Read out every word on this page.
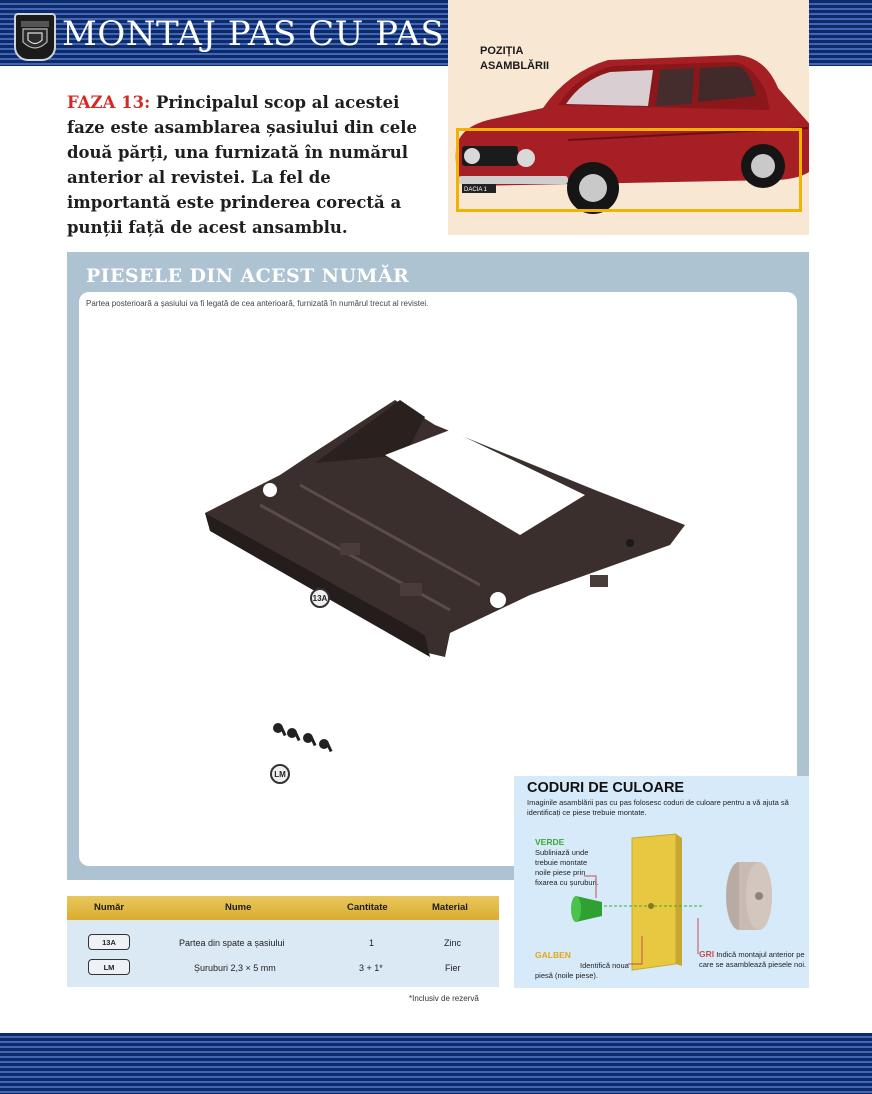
MONTAJ PAS CU PAS
DACIA 1
POZIȚIA
ASAMBLĂRII
FAZA 13: Principalul scop al acestei faze este asamblarea șasiului din cele două părți, una furnizată în numărul anterior al revistei. La fel de importantă este prinderea corectă a punții față de acest ansamblu.
PIESELE DIN ACEST NUMĂR
Partea posterioară a șasiului va fi legată de cea anterioară, furnizată în numărul trecut al revistei.
13A
LM
CODURI DE CULOARE
Imaginile asamblării pas cu pas folosesc coduri de culoare pentru a vă ajuta să identificați ce piese trebuie montate.
VERDE
Subliniază unde trebuie montate noile piese prin fixarea cu șuruburi.
GALBEN
Identifică noua piesă (noile piese).
GRI Indică montajul anterior pe care se asamblează piesele noi.
Număr	Nume	Cantitate	Material
13A	Partea din spate a șasiului	1	Zinc
LM	Șuruburi 2,3 × 5 mm	3 + 1*	Fier
*Inclusiv de rezervă
